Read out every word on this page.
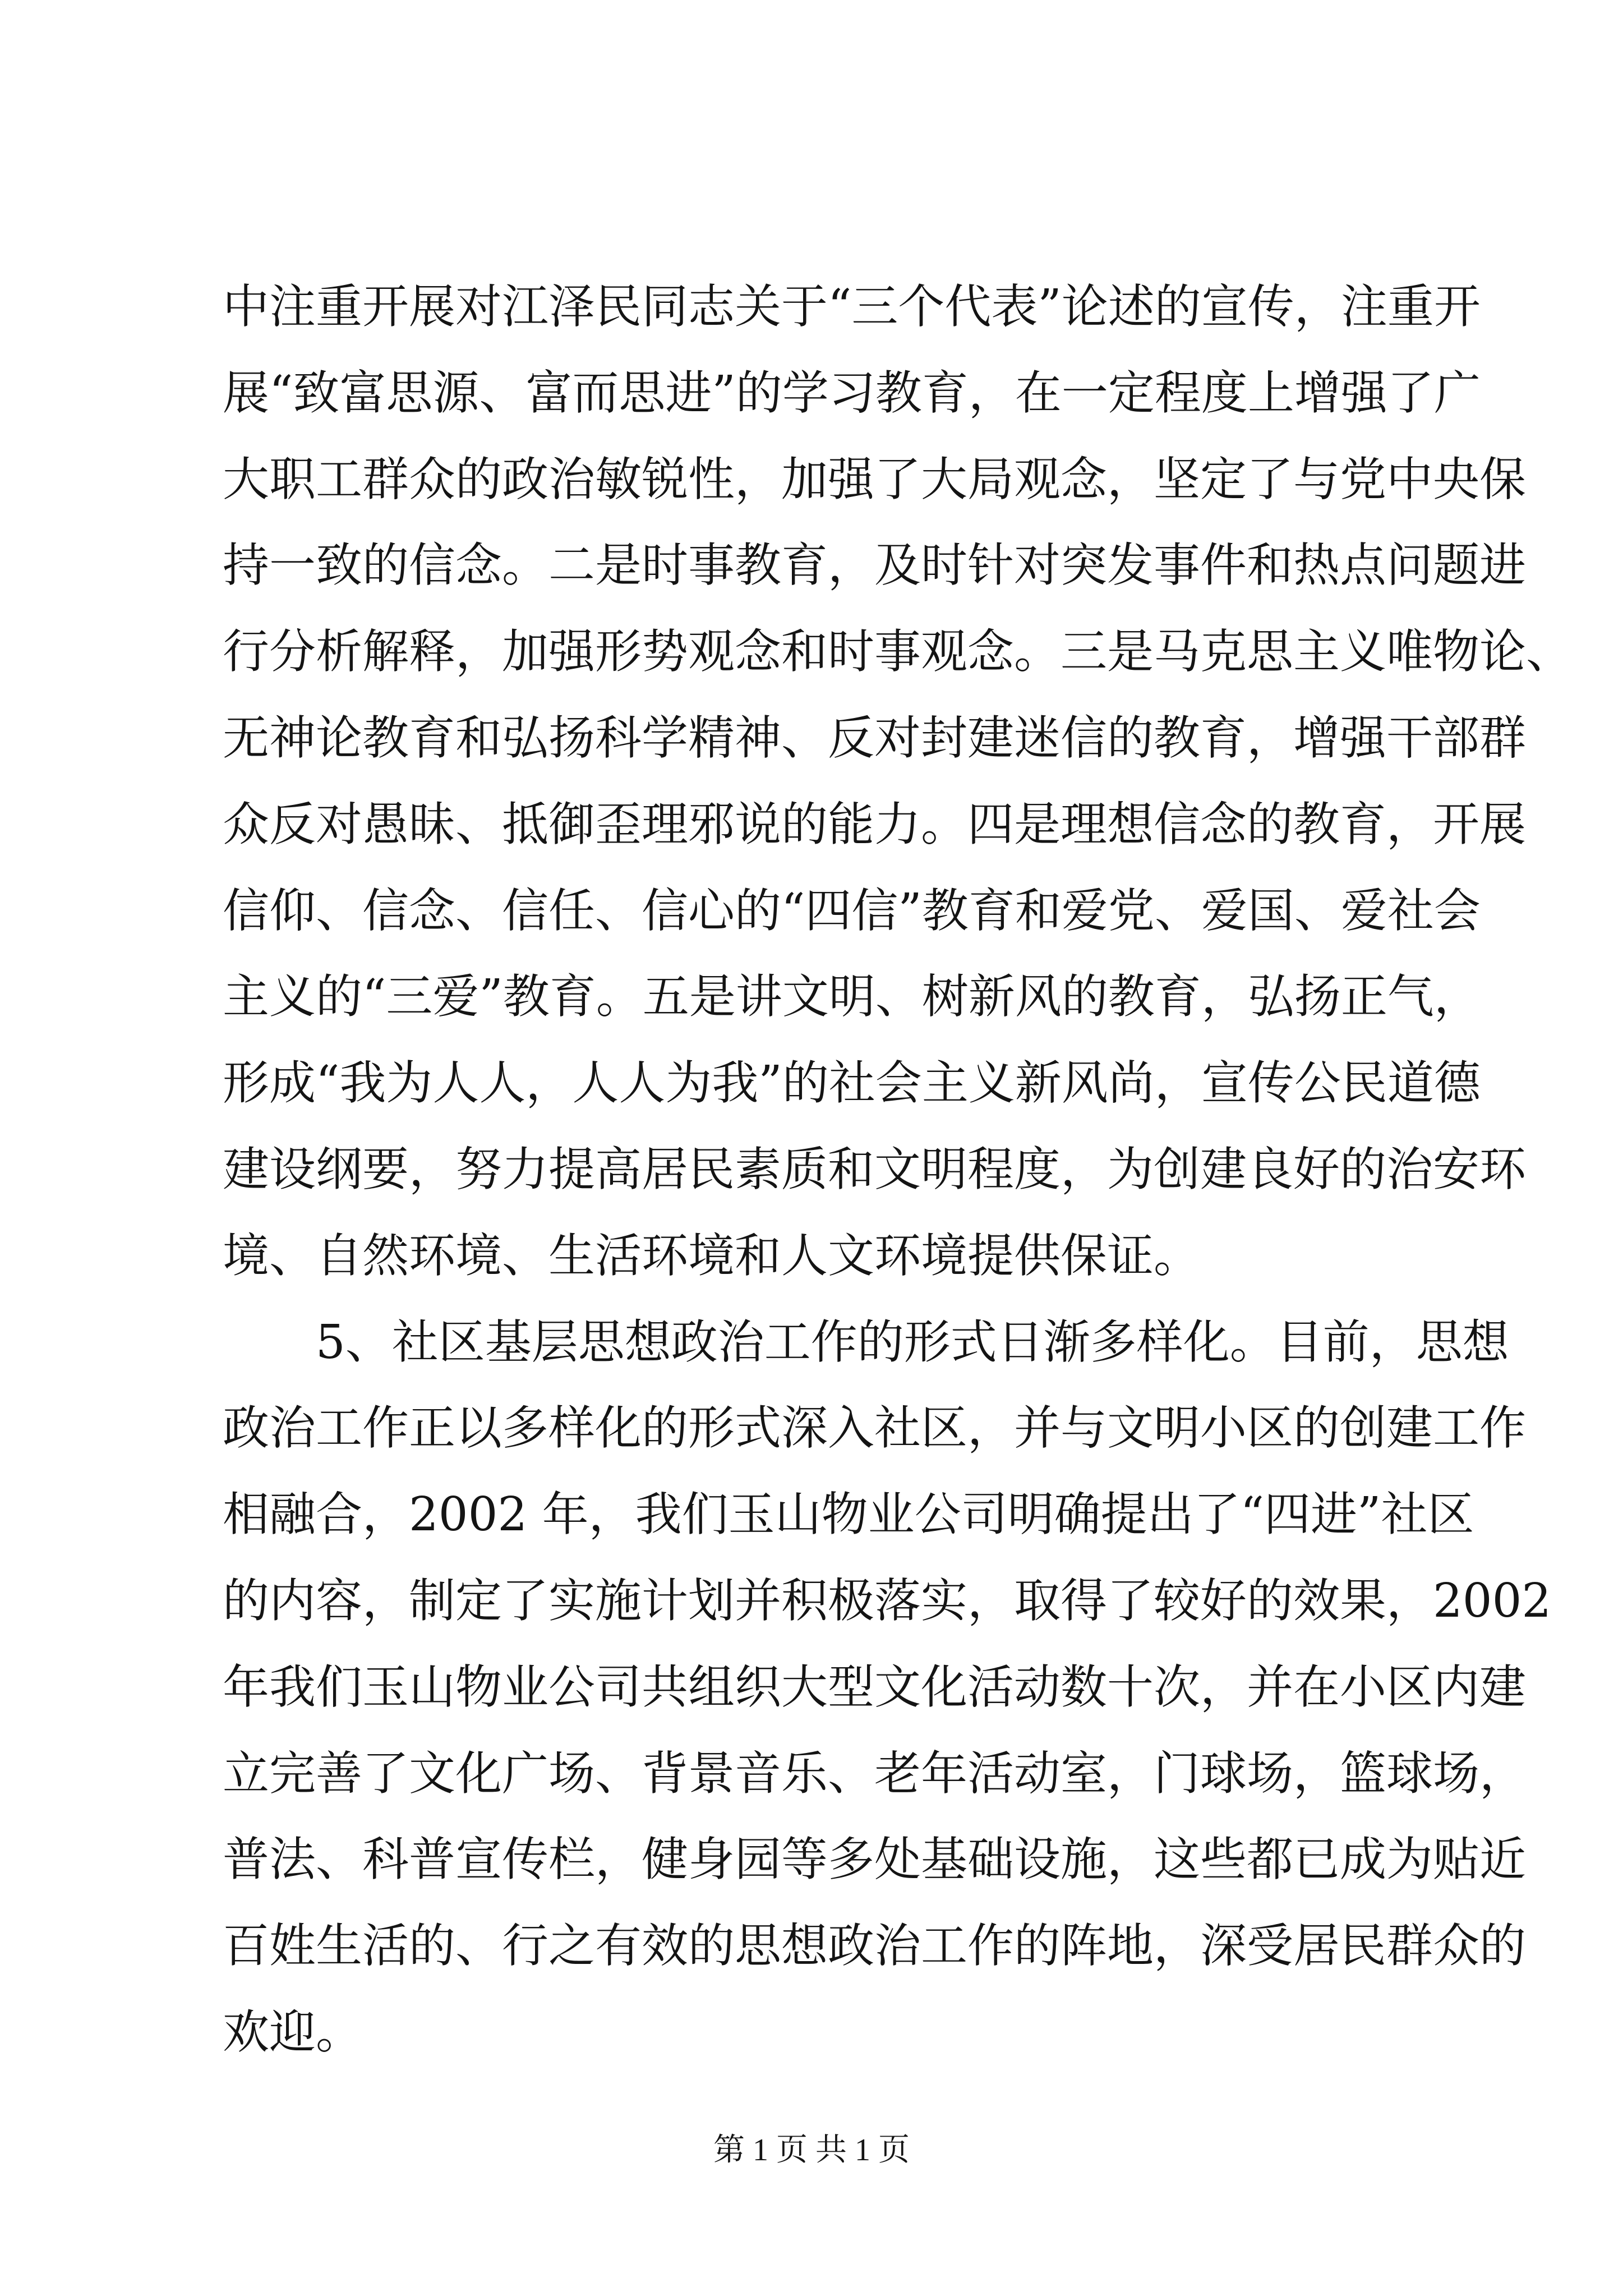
中注重开展对江泽民同志关于“三个代表”论述的宣传，注重开
展“致富思源、富而思进”的学习教育，在一定程度上增强了广
大职工群众的政治敏锐性，加强了大局观念，坚定了与党中央保
持一致的信念。二是时事教育，及时针对突发事件和热点问题进
行分析解释，加强形势观念和时事观念。三是马克思主义唯物论、
无神论教育和弘扬科学精神、反对封建迷信的教育，增强干部群
众反对愚昧、抵御歪理邪说的能力。四是理想信念的教育，开展
信仰、信念、信任、信心的“四信”教育和爱党、爱国、爱社会
主义的“三爱”教育。五是讲文明、树新风的教育，弘扬正气，
形成“我为人人，人人为我”的社会主义新风尚，宣传公民道德
建设纲要，努力提高居民素质和文明程度，为创建良好的治安环
境、自然环境、生活环境和人文环境提供保证。
5、社区基层思想政治工作的形式日渐多样化。目前，思想
政治工作正以多样化的形式深入社区，并与文明小区的创建工作
相融合，2002 年，我们玉山物业公司明确提出了“四进”社区
的内容，制定了实施计划并积极落实，取得了较好的效果，2002
年我们玉山物业公司共组织大型文化活动数十次，并在小区内建
立完善了文化广场、背景音乐、老年活动室，门球场，篮球场，
普法、科普宣传栏，健身园等多处基础设施，这些都已成为贴近
百姓生活的、行之有效的思想政治工作的阵地，深受居民群众的
欢迎。
第 1 页 共 1 页
